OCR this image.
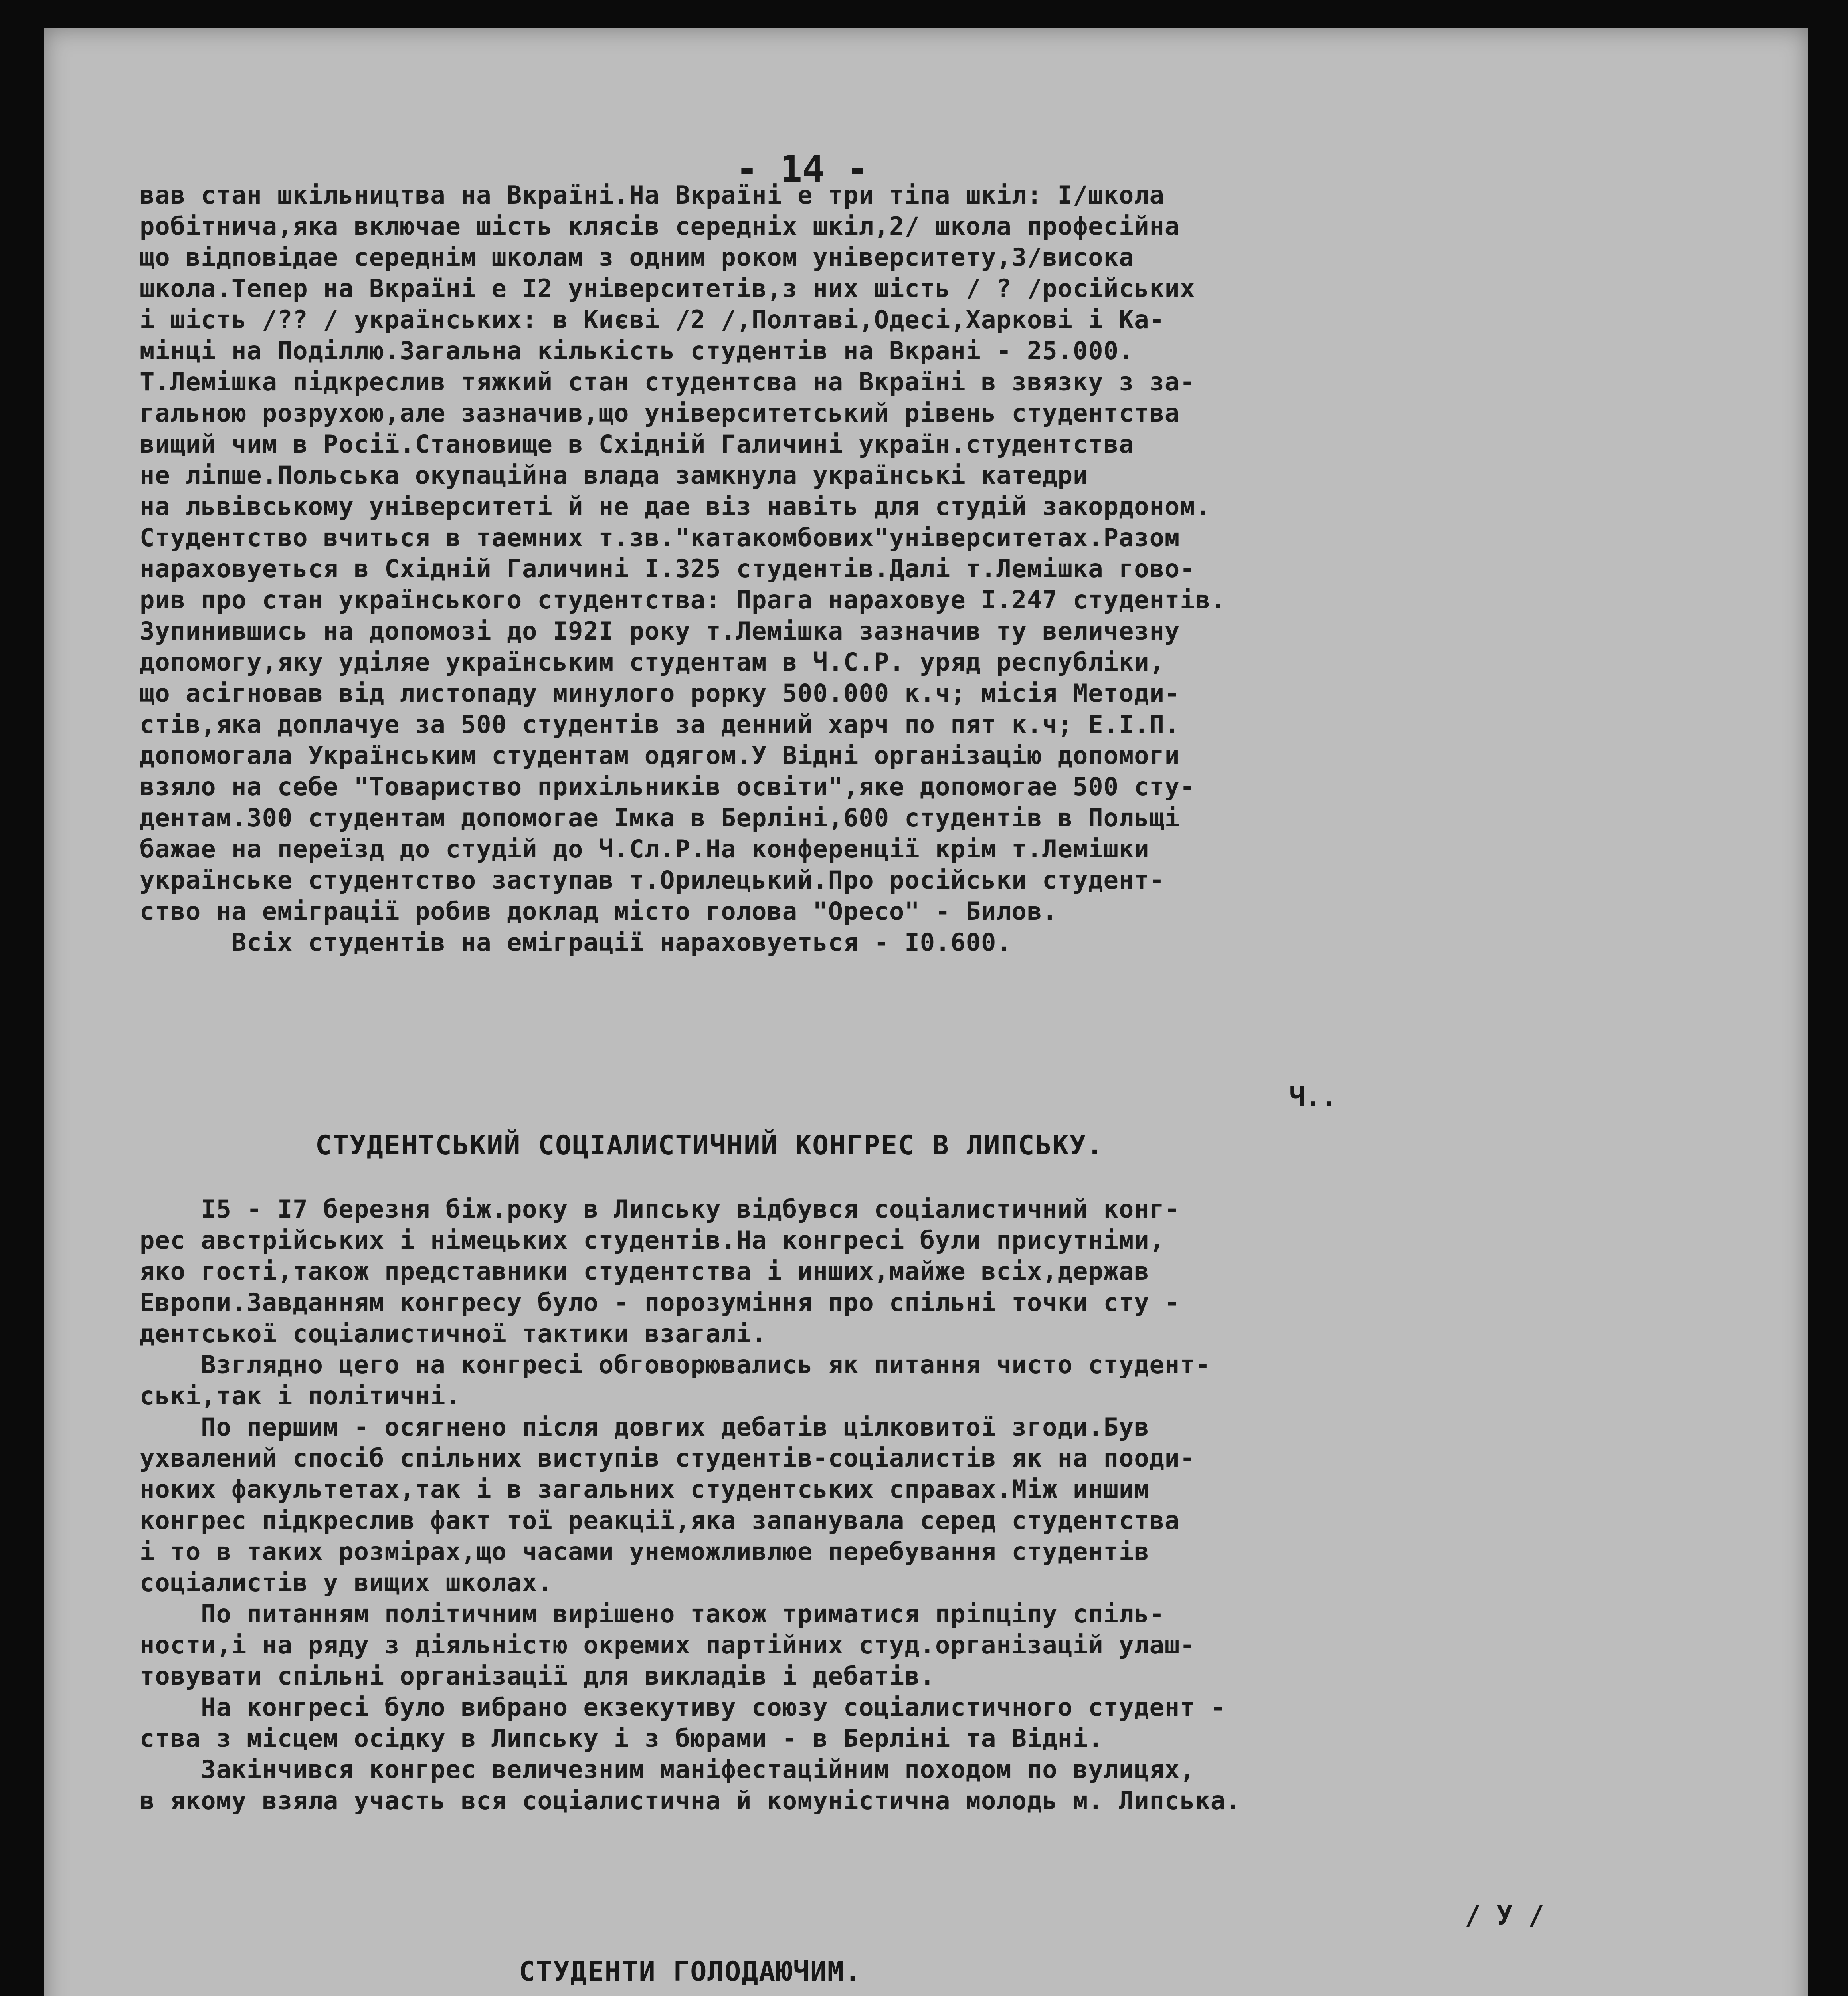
- 14 -
вав стан шкільництва на Вкраїні.На Вкраїні е три тіпа шкіл: I/школа
робітнича,яка включае шість клясів середніх шкіл,2/ школа професійна
що відповідае середнім школам з одним роком університету,3/висока
школа.Тепер на Вкраїні е I2 університетів,з них шість / ? /російських
і шість /?? / українських: в Києві /2 /,Полтаві,Одесі,Харкові і Ка-
мінці на Поділлю.Загальна кількість студентів на Вкрані - 25.000.
Т.Лемішка підкреслив тяжкий стан студентсва на Вкраїні в звязку з за-
гальною розрухою,але зазначив,що університетський рівень студентства
вищий чим в Росії.Становище в Східній Галичині україн.студентства
не ліпше.Польська окупаційна влада замкнула українські катедри
на львівському університеті й не дае віз навіть для студій закордоном.
Студентство вчиться в таемних т.зв."катакомбових"університетах.Разом
нараховуеться в Східній Галичині I.325 студентів.Далі т.Лемішка гово-
рив про стан українського студентства: Прага нараховуе I.247 студентів.
Зупинившись на допомозі до I92I року т.Лемішка зазначив ту величезну
допомогу,яку уділяе українським студентам в Ч.С.Р. уряд республіки,
що асігновав від листопаду минулого рорку 500.000 к.ч; місія Методи-
стів,яка доплачуе за 500 студентів за денний харч по пят к.ч; Е.І.П.
допомогала Українським студентам одягом.У Відні організацію допомоги
взяло на себе "Товариство прихільників освіти",яке допомогае 500 сту-
дентам.300 студентам допомогае Імка в Берліні,600 студентів в Польщі
бажае на переїзд до студій до Ч.Сл.Р.На конференції крім т.Лемішки
українське студентство заступав т.Орилецький.Про російськи студент-
ство на еміграції робив доклад місто голова "Оресо" - Билов.
Всіх студентів на еміграції нараховуеться - I0.600.
Ч..
СТУДЕНТСЬКИЙ СОЦІАЛИСТИЧНИЙ КОНГРЕС В ЛИПСЬКУ.
I5 - I7 березня біж.року в Липську відбувся соціалистичний конг-
рес австрійських і німецьких студентів.На конгресі були присутніми,
яко гості,також представники студентства і инших,майже всіх,держав
Европи.Завданням конгресу було - порозуміння про спільні точки сту -
дентської соціалистичної тактики взагалі.
Взглядно цего на конгресі обговорювались як питання чисто студент-
ські,так і політичні.
По першим - осягнено після довгих дебатів цілковитої згоди.Був
ухвалений спосіб спільних виступів студентів-соціалистів як на пооди-
ноких факультетах,так і в загальних студентських справах.Між иншим
конгрес підкреслив факт тої реакції,яка запанувала серед студентства
і то в таких розмірах,що часами унеможливлюе перебування студентів
соціалистів у вищих школах.
По питанням політичним вирішено також триматися пріпціпу спіль-
ности,і на ряду з діяльністю окремих партійних студ.організацій улаш-
товувати спільні організації для викладів і дебатів.
На конгресі було вибрано екзекутиву союзу соціалистичного студент -
ства з місцем осідку в Липську і з бюрами - в Берліні та Відні.
Закінчився конгрес величезним маніфестаційним походом по вулицях,
в якому взяла участь вся соціалистична й комуністична молодь м. Липська.
/ У /
СТУДЕНТИ ГОЛОДАЮЧИМ.
